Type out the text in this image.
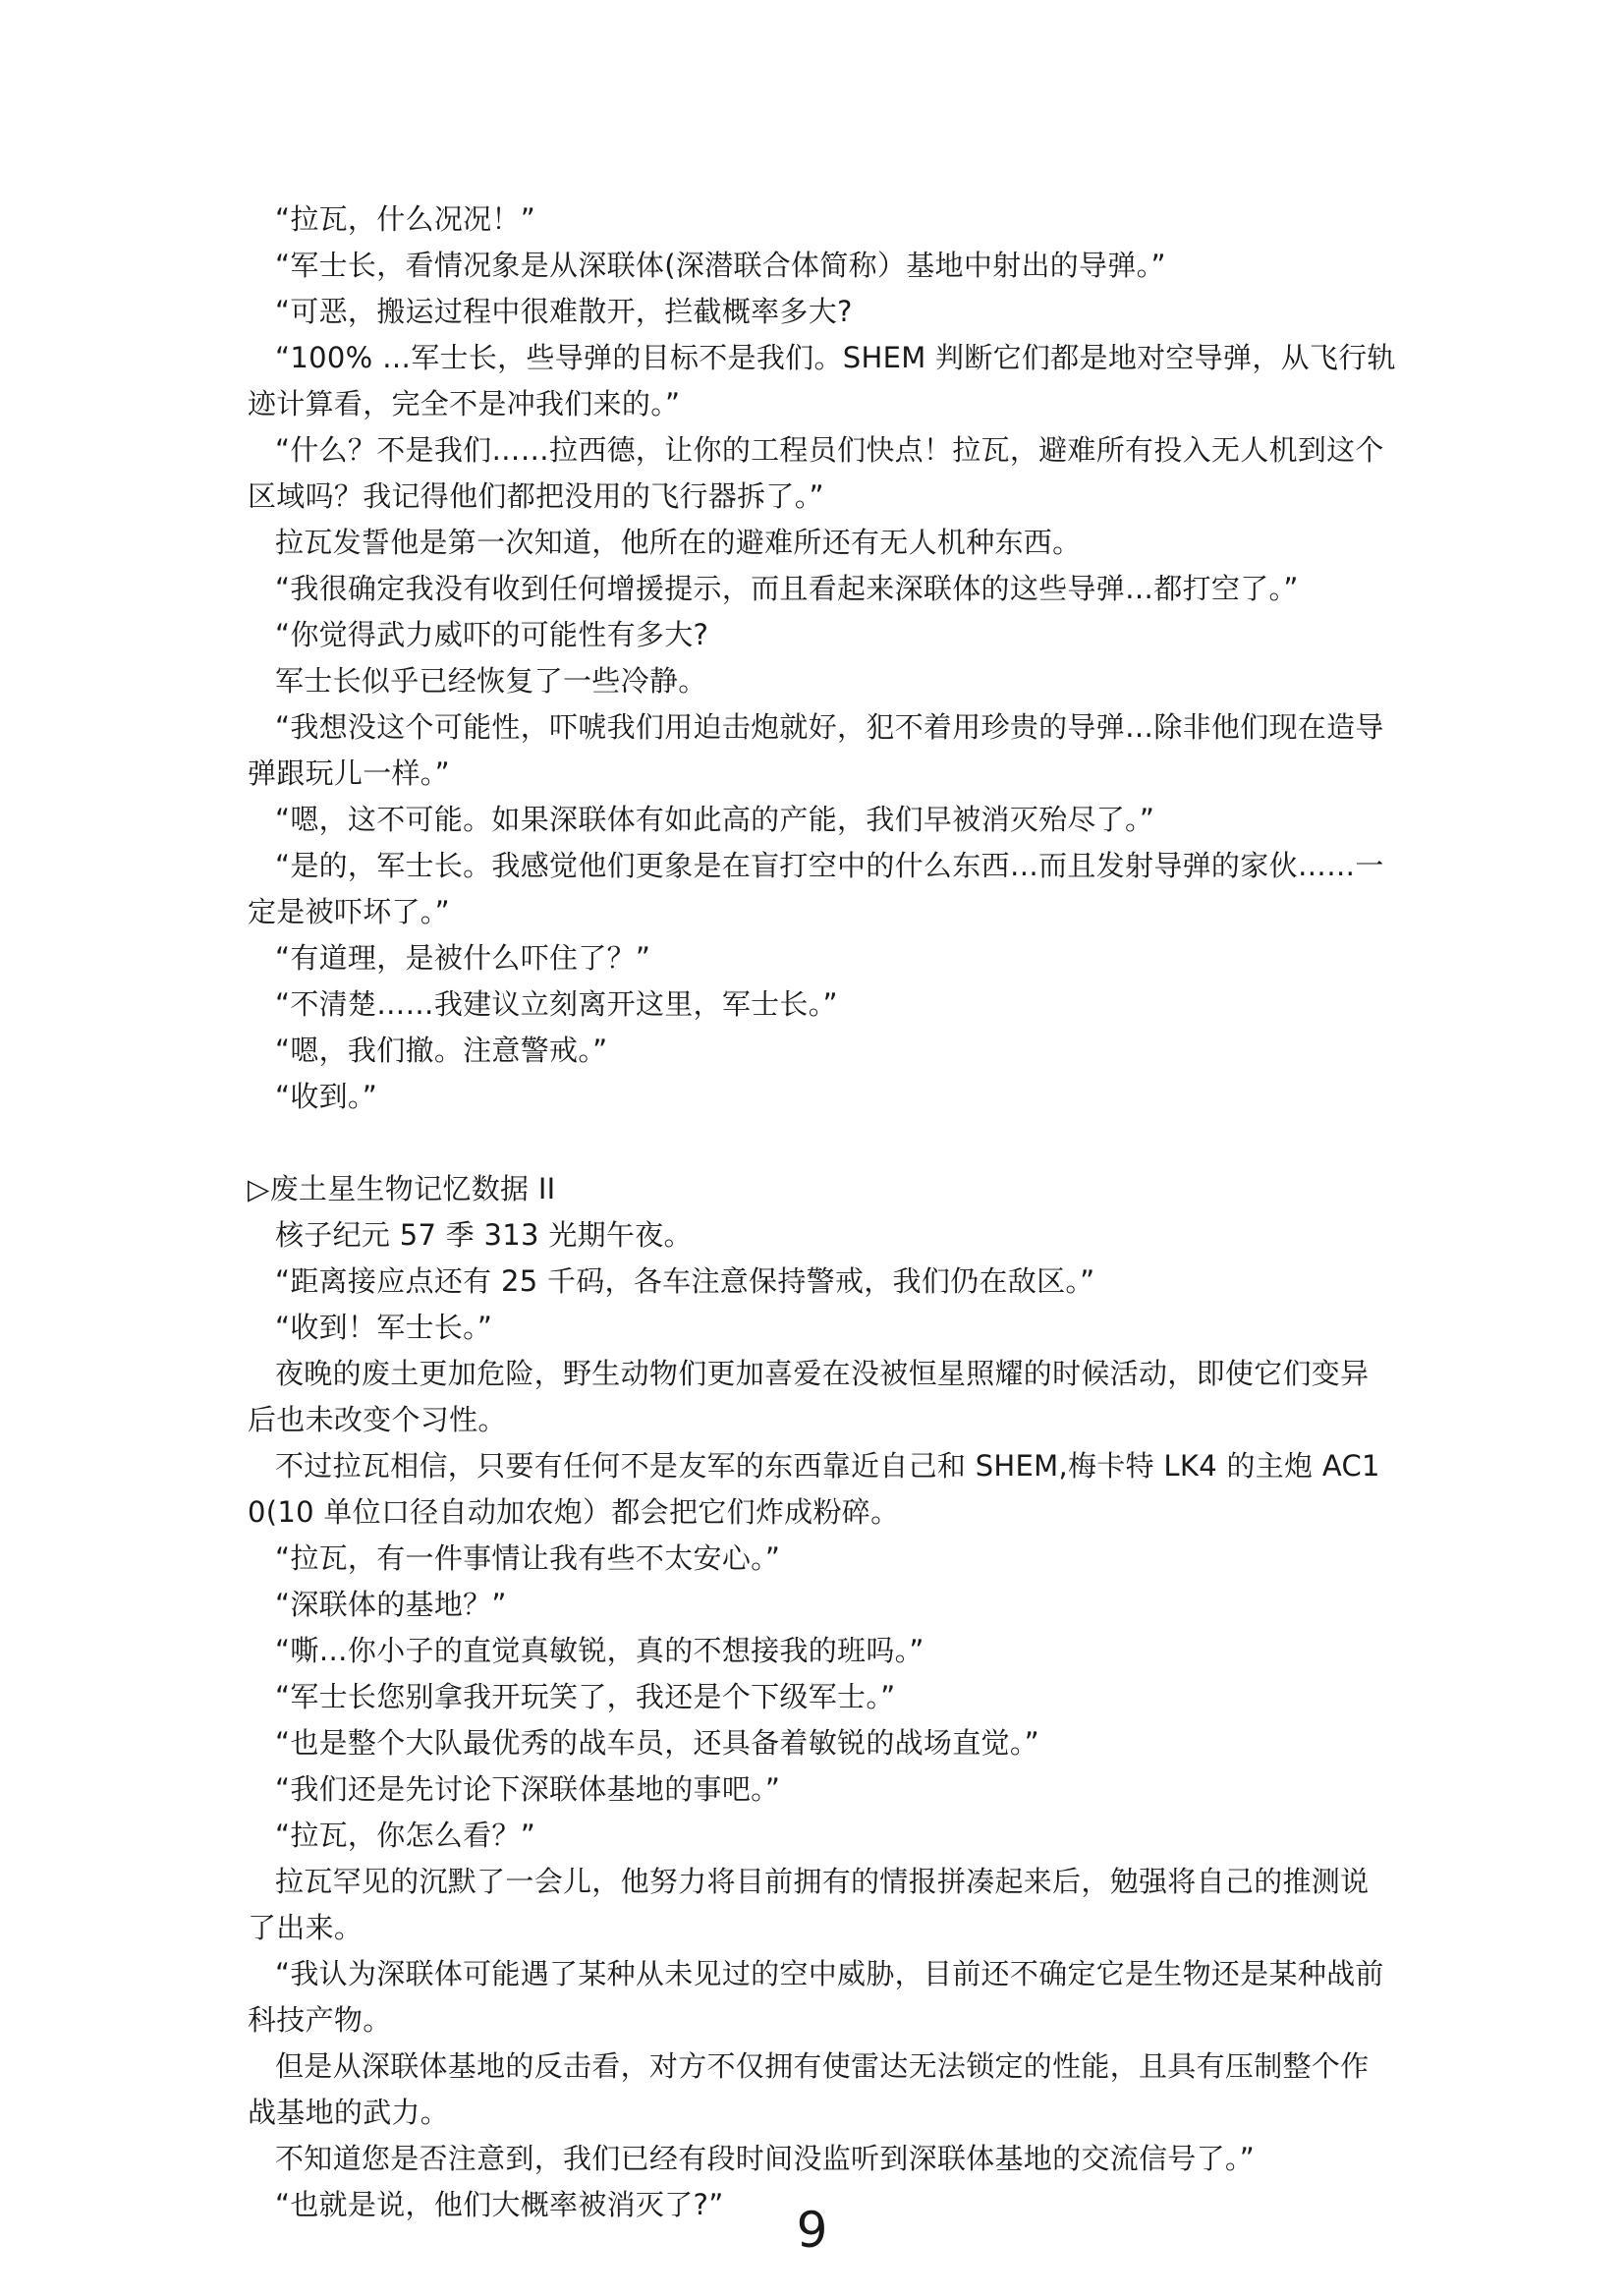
“拉瓦，什么况况！”

“军士长，看情况象是从深联体(深潜联合体简称）基地中射出的导弹。”

“可恶，搬运过程中很难散开，拦截概率多大?

“100% …军士长，些导弹的目标不是我们。SHEM 判断它们都是地对空导弹，从飞行轨迹计算看，完全不是冲我们来的。”

“什么？不是我们……拉西德，让你的工程员们快点！拉瓦，避难所有投入无人机到这个区域吗？我记得他们都把没用的飞行器拆了。”

拉瓦发誓他是第一次知道，他所在的避难所还有无人机种东西。

“我很确定我没有收到任何增援提示，而且看起来深联体的这些导弹…都打空了。”

“你觉得武力威吓的可能性有多大?

军士长似乎已经恢复了一些冷静。

“我想没这个可能性，吓唬我们用迫击炮就好，犯不着用珍贵的导弹…除非他们现在造导弹跟玩儿一样。”

“嗯，这不可能。如果深联体有如此高的产能，我们早被消灭殆尽了。”

“是的，军士长。我感觉他们更象是在盲打空中的什么东西…而且发射导弹的家伙……一定是被吓坏了。”

“有道理，是被什么吓住了？”

“不清楚……我建议立刻离开这里，军士长。”

“嗯，我们撤。注意警戒。”

“收到。”

▷废土星生物记忆数据 II

核子纪元 57 季 313 光期午夜。

“距离接应点还有 25 千码，各车注意保持警戒，我们仍在敌区。”

“收到！军士长。”

夜晚的废土更加危险，野生动物们更加喜爱在没被恒星照耀的时候活动，即使它们变异后也未改变个习性。

不过拉瓦相信，只要有任何不是友军的东西靠近自己和 SHEM,梅卡特 LK4 的主炮 AC10(10 单位口径自动加农炮）都会把它们炸成粉碎。

“拉瓦，有一件事情让我有些不太安心。”

“深联体的基地？”

“嘶…你小子的直觉真敏锐，真的不想接我的班吗。”

“军士长您别拿我开玩笑了，我还是个下级军士。”

“也是整个大队最优秀的战车员，还具备着敏锐的战场直觉。”

“我们还是先讨论下深联体基地的事吧。”

“拉瓦，你怎么看？”

拉瓦罕见的沉默了一会儿，他努力将目前拥有的情报拼凑起来后，勉强将自己的推测说了出来。

“我认为深联体可能遇了某种从未见过的空中威胁，目前还不确定它是生物还是某种战前科技产物。

但是从深联体基地的反击看，对方不仅拥有使雷达无法锁定的性能，且具有压制整个作战基地的武力。

不知道您是否注意到，我们已经有段时间没监听到深联体基地的交流信号了。”

“也就是说，他们大概率被消灭了?”	9
